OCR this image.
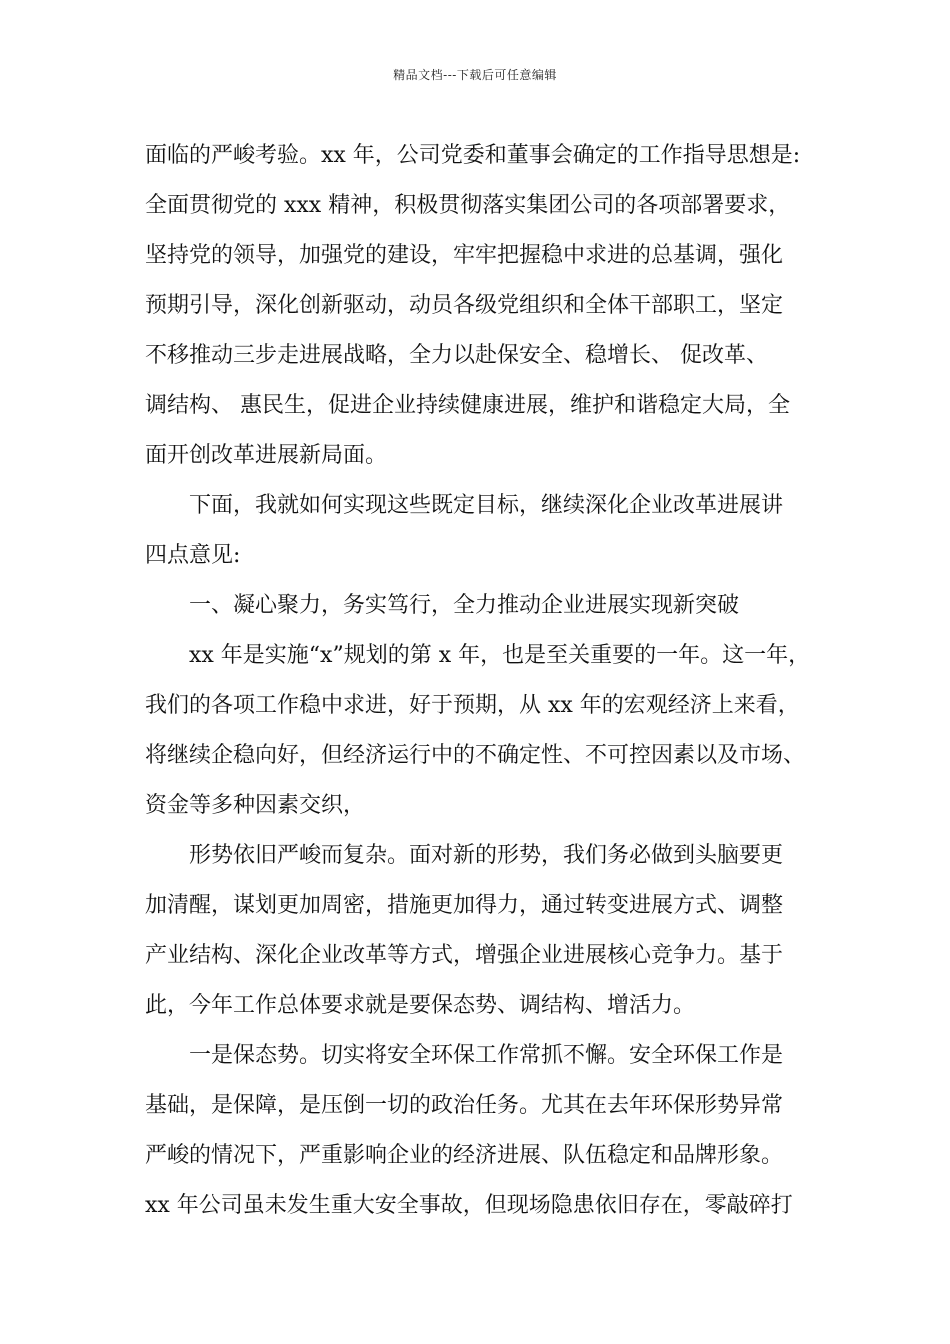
精品文档---下载后可任意编辑
面临的严峻考验。xx 年，公司党委和董事会确定的工作指导思想是:
全面贯彻党的 xxx 精神，积极贯彻落实集团公司的各项部署要求，
坚持党的领导，加强党的建设，牢牢把握稳中求进的总基调，强化
预期引导，深化创新驱动，动员各级党组织和全体干部职工，坚定
不移推动三步走进展战略，全力以赴保安全、稳增长、 促改革、
调结构、 惠民生，促进企业持续健康进展，维护和谐稳定大局，全
面开创改革进展新局面。
下面，我就如何实现这些既定目标，继续深化企业改革进展讲
四点意见:
一、凝心聚力，务实笃行，全力推动企业进展实现新突破
xx 年是实施“x”规划的第 x 年，也是至关重要的一年。这一年，
我们的各项工作稳中求进，好于预期，从 xx 年的宏观经济上来看，
将继续企稳向好，但经济运行中的不确定性、不可控因素以及市场、
资金等多种因素交织，
形势依旧严峻而复杂。面对新的形势，我们务必做到头脑要更
加清醒，谋划更加周密，措施更加得力，通过转变进展方式、调整
产业结构、深化企业改革等方式，增强企业进展核心竞争力。基于
此，今年工作总体要求就是要保态势、调结构、增活力。
一是保态势。切实将安全环保工作常抓不懈。安全环保工作是
基础，是保障，是压倒一切的政治任务。尤其在去年环保形势异常
严峻的情况下，严重影响企业的经济进展、队伍稳定和品牌形象。
xx 年公司虽未发生重大安全事故，但现场隐患依旧存在，零敲碎打
